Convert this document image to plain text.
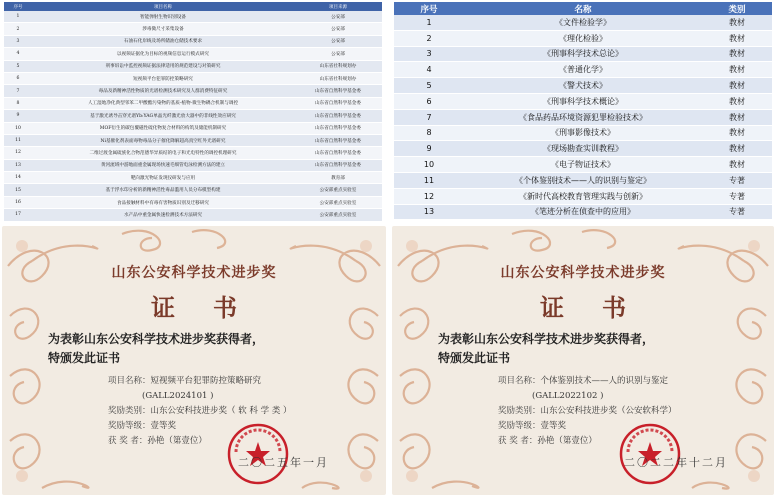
序号	项目名称	项目来源
1	智能弹射生物识别设备	公安部
2	涉毒微尺寸采集设备	公安部
3	石油石化岸线及场所储油仓储技术要求	公安部
4	以视频证据化为目标的视频信息运行模式研究	公安部
5	刑事诉讼中监控视频证据法律适用的规范建设与对策研究	山东省社科规划办
6	短视频平台犯罪防控策略研究	山东省社科规划办
7	毒品及新精神活性物质的光谱检测技术研究及人群消费特征研究	山东省自然科学基金委
8	人工湿地净化典型邻苯二甲酸酯污染物的基质-植物-微生物耦合机制与调控	山东省自然科学基金委
9	基于激光诱导击穿光谱Yb:YAG单晶光纤激光放大器中的非线性效应研究	山东省自然科学基金委
10	MOF衍生的碳包覆磁性硫化物复合材料的构筑及储能机制研究	山东省自然科学基金委
11	Ni基催化剂表面毒物毒品分子催化降解超高真空红外光谱研究	山东省自然科学基金委
12	二维过渡金属硫族化合物范德华异质结的电子和光电特性的调控机理研究	山东省自然科学基金委
13	黄河流域中游地面重金属现场快速毛细管电泳检测方法的建立	山东省自然科学基金委
14	靶向激光物证发现仪研发与应用	教育部
15	基于浮水印分析的新精神活性毒品滥用人员分布模型构建	公安部重点实验室
16	食品接触材料中有毒有害物质识别及迁移研究	公安部重点实验室
17	水产品中重金属快速检测技术方法研究	公安部重点实验室
序号	名称	类别
1	《文件检验学》	教材
2	《理化检验》	教材
3	《刑事科学技术总论》	教材
4	《普通化学》	教材
5	《警犬技术》	教材
6	《刑事科学技术概论》	教材
7	《食品药品环境资源犯罪检验技术》	教材
8	《刑事影像技术》	教材
9	《现场勘查实训教程》	教材
10	《电子物证技术》	教材
11	《个体鉴别技术——人的识别与鉴定》	专著
12	《新时代高校教育管理实践与创新》	专著
13	《笔迹分析在侦查中的应用》	专著
山东公安科学技术进步奖
证书
为表彰山东公安科学技术进步奖获得者，
特颁发此证书
项目名称：短视频平台犯罪防控策略研究
(GALL2024101 )
奖励类别：山东公安科技进步奖（ 软 科 学 类 ）
奖励等级：壹等奖
获 奖 者：孙艳（第壹位）
二〇二五年一月
山东公安科学技术进步奖
证书
为表彰山东公安科学技术进步奖获得者，
特颁发此证书
项目名称：个体鉴别技术——人的识别与鉴定
(GALL2022102 )
奖励类别：山东公安科技进步奖（公安软科学）
奖励等级：壹等奖
获 奖 者：孙艳（第壹位）
二〇二二年十二月
